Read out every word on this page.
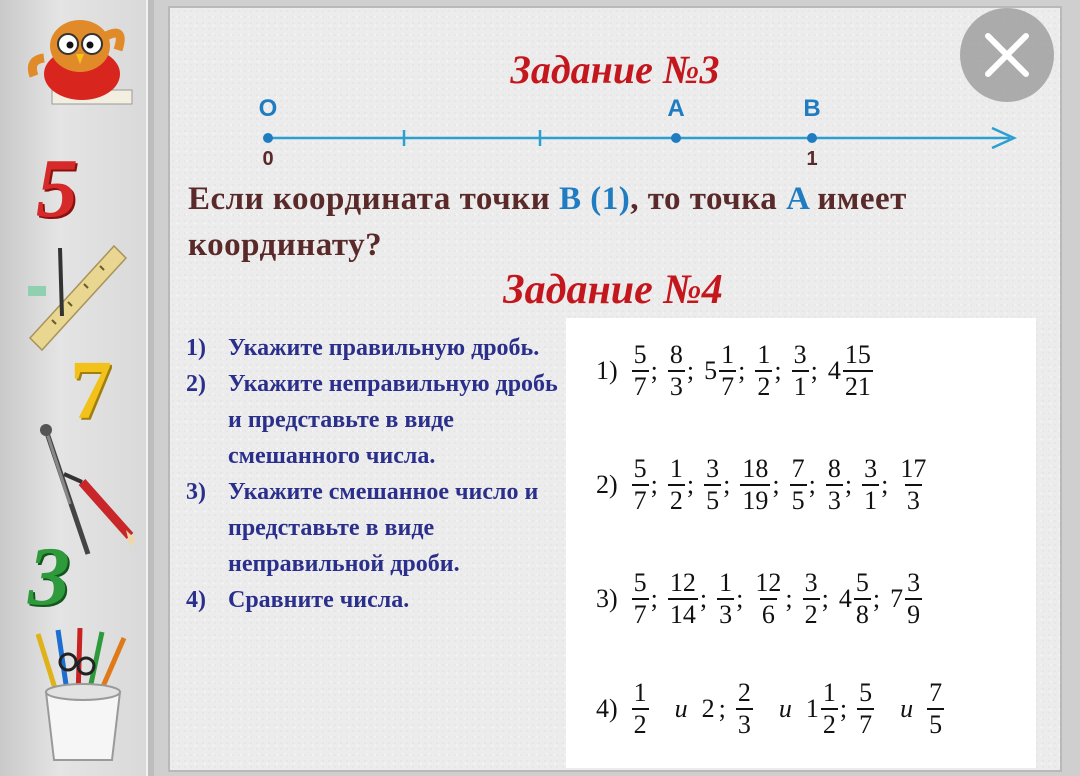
5
7
3
Задание №3
O	A	B
0	1
Если координата точки B (1), то точка A имеет координату?
Задание №4
1) Укажите правильную дробь.
2) Укажите неправильную дробь и представьте в виде смешанного числа.
3) Укажите смешанное число и представьте в виде неправильной дроби.
4) Сравните числа.
$1) \frac{5}{7}$ ; $\frac{8}{3}$ ; $5 \frac{1}{7}$ ; $\frac{1}{2}$ ; $\frac{3}{1}$ ; $4 \frac{15}{21}$
$2) \frac{5}{7}$ ; $\frac{1}{2}$ ; $\frac{3}{5}$ ; $\frac{18}{19}$ ; $\frac{7}{5}$ ; $\frac{8}{3}$ ; $\frac{3}{1}$ ; $\frac{17}{3}$
$3) \frac{5}{7}$ ; $\frac{12}{14}$ ; $\frac{1}{3}$ ; $\frac{12}{6}$ ; $\frac{3}{2}$ ; $4 \frac{5}{8}$ ; $7 \frac{3}{9}$
$4) \frac{1}{2}$ и 2 ; $\frac{2}{3}$ и $1 \frac{1}{2}$ ; $\frac{5}{7}$ и $\frac{7}{5}$
